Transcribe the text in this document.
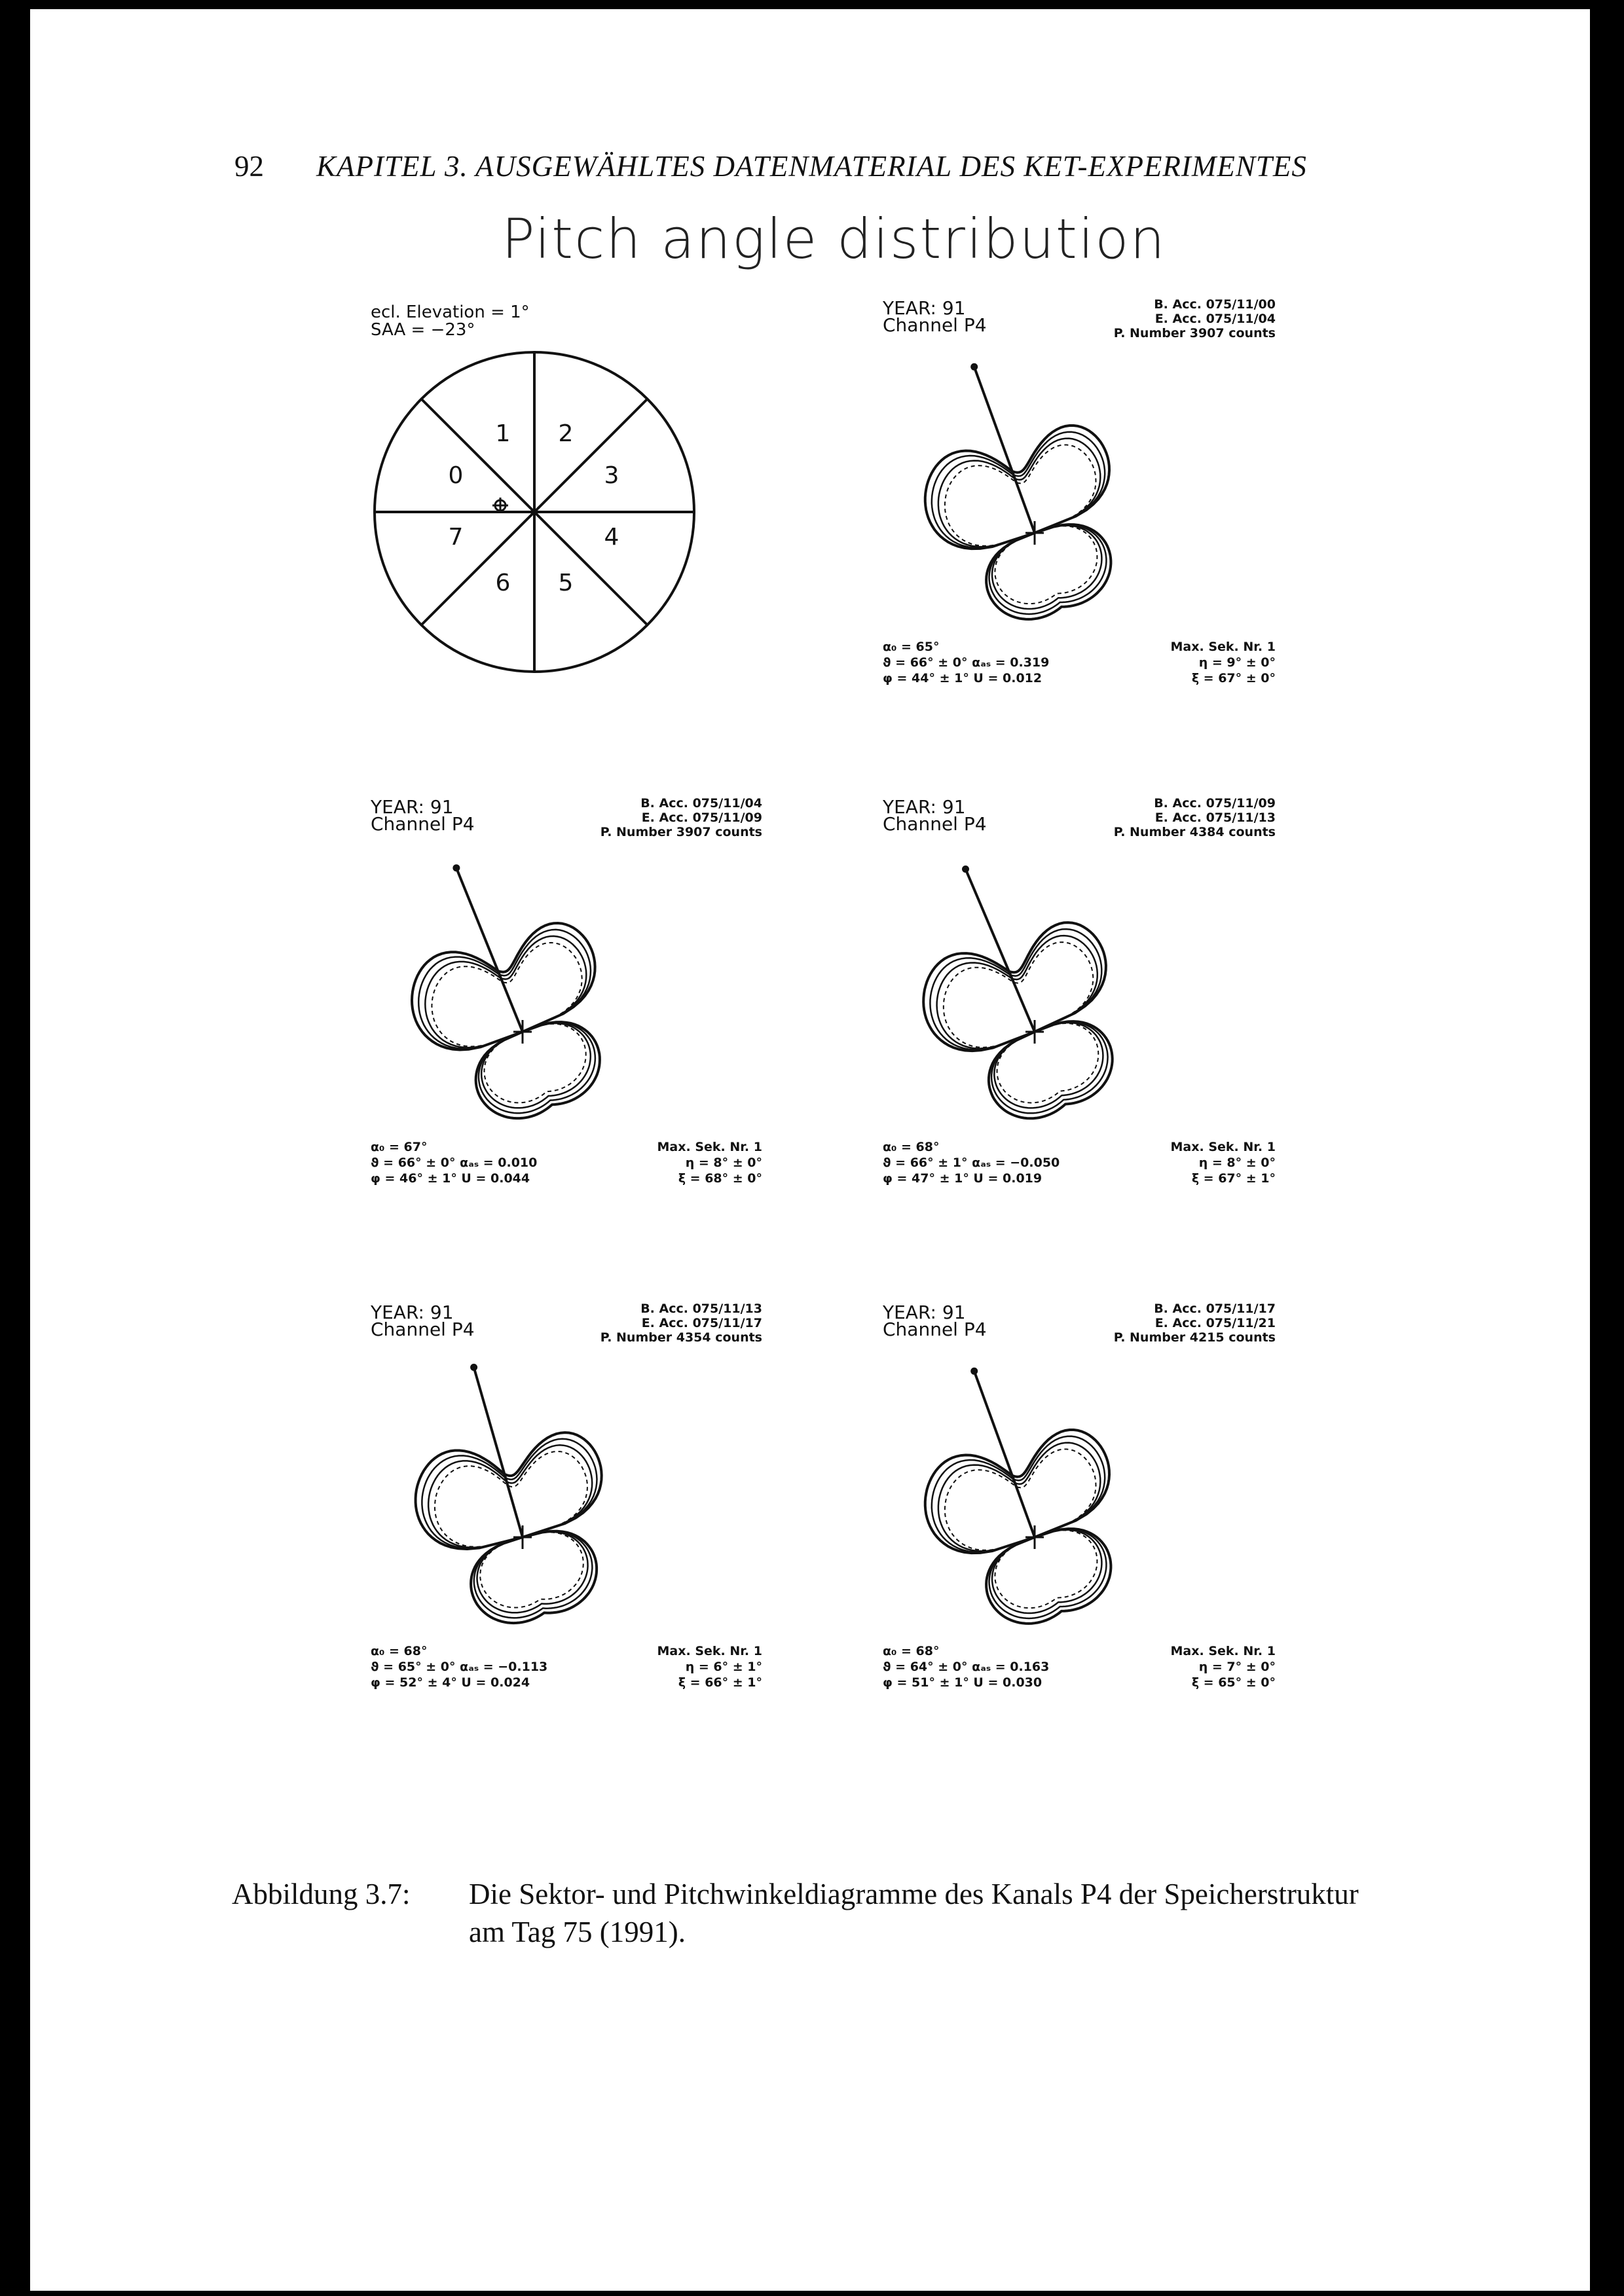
92 KAPITEL 3. AUSGEWÄHLTES DATENMATERIAL DES KET-EXPERIMENTES
Pitch angle distribution
ecl. Elevation = 1°
SAA = −23°
0
1 2
3
4
5
6
7
YEAR: 91
Channel P4
B. Acc. 075/11/00
E. Acc. 075/11/04
P. Number 3907 counts
α₀ = 65°
ϑ = 66° ± 0° αₐₛ = 0.319
φ = 44° ± 1° U = 0.012
Max. Sek. Nr. 1
η = 9° ± 0°
ξ = 67° ± 0°
YEAR: 91
Channel P4
B. Acc. 075/11/04
E. Acc. 075/11/09
P. Number 3907 counts
α₀ = 67°
ϑ = 66° ± 0° αₐₛ = 0.010
φ = 46° ± 1° U = 0.044
Max. Sek. Nr. 1
η = 8° ± 0°
ξ = 68° ± 0°
YEAR: 91
Channel P4
B. Acc. 075/11/09
E. Acc. 075/11/13
P. Number 4384 counts
α₀ = 68°
ϑ = 66° ± 1° αₐₛ = −0.050
φ = 47° ± 1° U = 0.019
Max. Sek. Nr. 1
η = 8° ± 0°
ξ = 67° ± 1°
YEAR: 91
Channel P4
B. Acc. 075/11/13
E. Acc. 075/11/17
P. Number 4354 counts
α₀ = 68°
ϑ = 65° ± 0° αₐₛ = −0.113
φ = 52° ± 4° U = 0.024
Max. Sek. Nr. 1
η = 6° ± 1°
ξ = 66° ± 1°
YEAR: 91
Channel P4
B. Acc. 075/11/17
E. Acc. 075/11/21
P. Number 4215 counts
α₀ = 68°
ϑ = 64° ± 0° αₐₛ = 0.163
φ = 51° ± 1° U = 0.030
Max. Sek. Nr. 1
η = 7° ± 0°
ξ = 65° ± 0°
Abbildung 3.7: Die Sektor- und Pitchwinkeldiagramme des Kanals P4 der Speicherstruktur
am Tag 75 (1991).
